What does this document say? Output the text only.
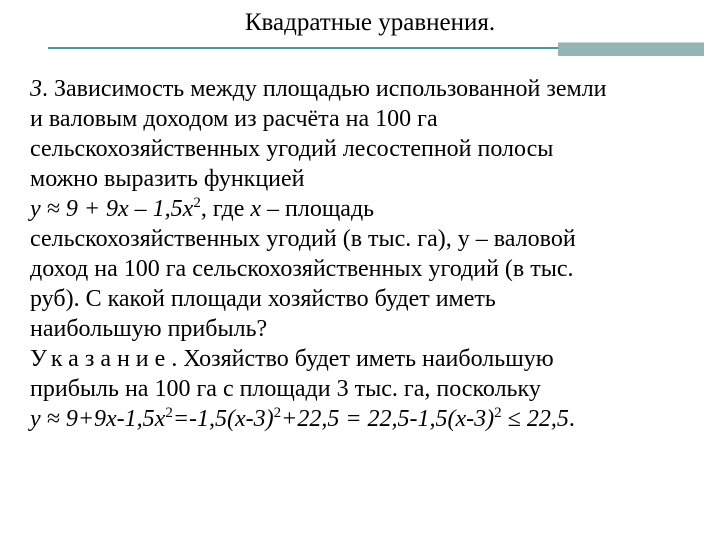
Квадратные уравнения.
3. Зависимость между площадью использованной земли
и валовым доходом из расчёта на 100 га
сельскохозяйственных угодий лесостепной полосы
можно выразить функцией
$y \approx 9 + 9x - 1,5x^2$, где x – площадь
сельскохозяйственных угодий (в тыс. га), у – валовой
доход на 100 га сельскохозяйственных угодий (в тыс.
руб). С какой площади хозяйство будет иметь
наибольшую прибыль?
Указание. Хозяйство будет иметь наибольшую
прибыль на 100 га с площади 3 тыс. га, поскольку
$y \approx 9+9x-1,5x^2=-1,5(x-3)^2+22,5 = 22,5-1,5(x-3)^2 \le 22,5$.
